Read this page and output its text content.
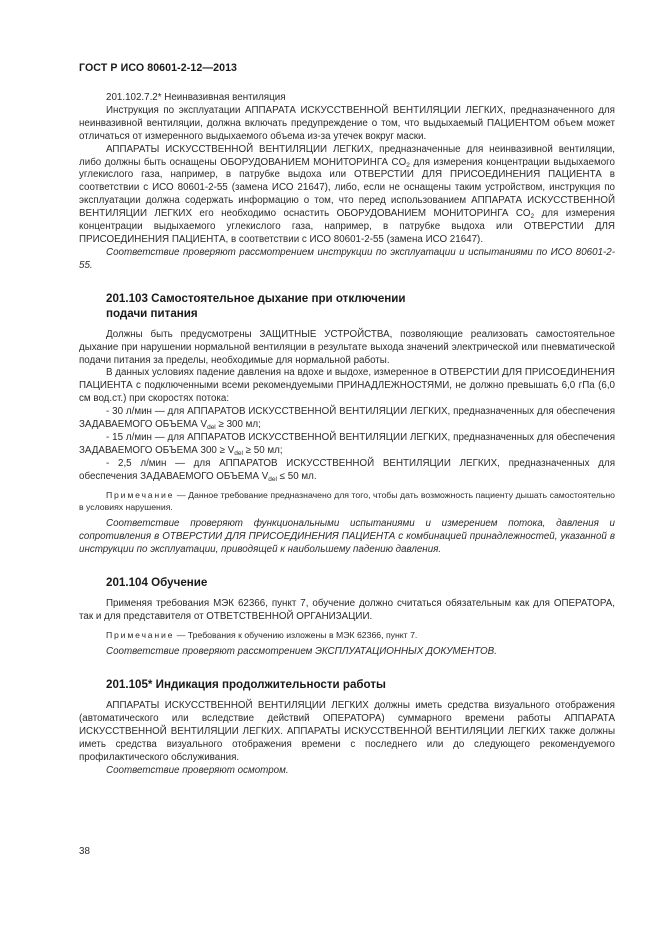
ГОСТ Р ИСО 80601-2-12—2013

201.102.7.2* Неинвазивная вентиляция

Инструкция по эксплуатации АППАРАТА ИСКУССТВЕННОЙ ВЕНТИЛЯЦИИ ЛЕГКИХ, предназначенного для неинвазивной вентиляции, должна включать предупреждение о том, что выдыхаемый ПАЦИЕНТОМ объем может отличаться от измеренного выдыхаемого объема из-за утечек вокруг маски.

АППАРАТЫ ИСКУССТВЕННОЙ ВЕНТИЛЯЦИИ ЛЕГКИХ, предназначенные для неинвазивной вентиляции, либо должны быть оснащены ОБОРУДОВАНИЕМ МОНИТОРИНГА $CO_2$ для измерения концентрации выдыхаемого углекислого газа, например, в патрубке выдоха или ОТВЕРСТИИ ДЛЯ ПРИСОЕДИНЕНИЯ ПАЦИЕНТА в соответствии с ИСО 80601-2-55 (замена ИСО 21647), либо, если не оснащены таким устройством, инструкция по эксплуатации должна содержать информацию о том, что перед использованием АППАРАТА ИСКУССТВЕННОЙ ВЕНТИЛЯЦИИ ЛЕГКИХ его необходимо оснастить ОБОРУДОВАНИЕМ МОНИТОРИНГА $CO_2$ для измерения концентрации выдыхаемого углекислого газа, например, в патрубке выдоха или ОТВЕРСТИИ ДЛЯ ПРИСОЕДИНЕНИЯ ПАЦИЕНТА, в соответствии с ИСО 80601-2-55 (замена ИСО 21647).

Соответствие проверяют рассмотрением инструкции по эксплуатации и испытаниями по ИСО 80601-2-55.

201.103 Самостоятельное дыхание при отключении
подачи питания

Должны быть предусмотрены ЗАЩИТНЫЕ УСТРОЙСТВА, позволяющие реализовать самостоятельное дыхание при нарушении нормальной вентиляции в результате выхода значений электрической или пневматической подачи питания за пределы, необходимые для нормальной работы.

В данных условиях падение давления на вдохе и выдохе, измеренное в ОТВЕРСТИИ ДЛЯ ПРИСОЕДИНЕНИЯ ПАЦИЕНТА с подключенными всеми рекомендуемыми ПРИНАДЛЕЖНОСТЯМИ, не должно превышать 6,0 гПа (6,0 см вод.ст.) при скоростях потока:

- 30 л/мин — для АППАРАТОВ ИСКУССТВЕННОЙ ВЕНТИЛЯЦИИ ЛЕГКИХ, предназначенных для обеспечения ЗАДАВАЕМОГО ОБЪЕМА $V_{del} \ge 300$ мл;

- 15 л/мин — для АППАРАТОВ ИСКУССТВЕННОЙ ВЕНТИЛЯЦИИ ЛЕГКИХ, предназначенных для обеспечения ЗАДАВАЕМОГО ОБЪЕМА $300 \ge V_{del} \ge 50$ мл;

- 2,5 л/мин — для АППАРАТОВ ИСКУССТВЕННОЙ ВЕНТИЛЯЦИИ ЛЕГКИХ, предназначенных для обеспечения ЗАДАВАЕМОГО ОБЪЕМА $V_{del} \le 50$ мл.

Примечание — Данное требование предназначено для того, чтобы дать возможность пациенту дышать самостоятельно в условиях нарушения.

Соответствие проверяют функциональными испытаниями и измерением потока, давления и сопротивления в ОТВЕРСТИИ ДЛЯ ПРИСОЕДИНЕНИЯ ПАЦИЕНТА с комбинацией принадлежностей, указанной в инструкции по эксплуатации, приводящей к наибольшему падению давления.

201.104 Обучение

Применяя требования МЭК 62366, пункт 7, обучение должно считаться обязательным как для ОПЕРАТОРА, так и для представителя от ОТВЕТСТВЕННОЙ ОРГАНИЗАЦИИ.

Примечание — Требования к обучению изложены в МЭК 62366, пункт 7.

Соответствие проверяют рассмотрением ЭКСПЛУАТАЦИОННЫХ ДОКУМЕНТОВ.

201.105* Индикация продолжительности работы

АППАРАТЫ ИСКУССТВЕННОЙ ВЕНТИЛЯЦИИ ЛЕГКИХ должны иметь средства визуального отображения (автоматического или вследствие действий ОПЕРАТОРА) суммарного времени работы АППАРАТА ИСКУССТВЕННОЙ ВЕНТИЛЯЦИИ ЛЕГКИХ. АППАРАТЫ ИСКУССТВЕННОЙ ВЕНТИЛЯЦИИ ЛЕГКИХ также должны иметь средства визуального отображения времени с последнего или до следующего рекомендуемого профилактического обслуживания.

Соответствие проверяют осмотром.

38
